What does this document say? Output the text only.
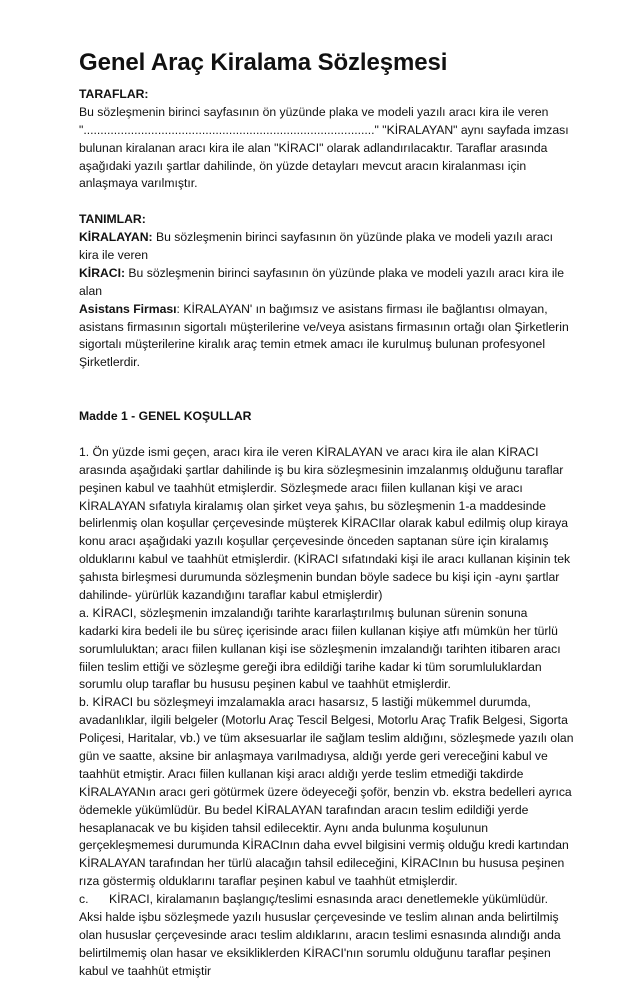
Genel Araç Kiralama Sözleşmesi
TARAFLAR:
Bu sözleşmenin birinci sayfasının ön yüzünde plaka ve modeli yazılı aracı kira ile veren
"......................................................................................" "KİRALAYAN" aynı sayfada imzası
bulunan kiralanan aracı kira ile alan "KİRACI" olarak adlandırılacaktır. Taraflar arasında
aşağıdaki yazılı şartlar dahilinde, ön yüzde detayları mevcut aracın kiralanması için
anlaşmaya varılmıştır.
TANIMLAR:
KİRALAYAN: Bu sözleşmenin birinci sayfasının ön yüzünde plaka ve modeli yazılı aracı
kira ile veren
KİRACI: Bu sözleşmenin birinci sayfasının ön yüzünde plaka ve modeli yazılı aracı kira ile
alan
Asistans Firması: KİRALAYAN' ın bağımsız ve asistans firması ile bağlantısı olmayan,
asistans firmasının sigortalı müşterilerine ve/veya asistans firmasının ortağı olan Şirketlerin
sigortalı müşterilerine kiralık araç temin etmek amacı ile kurulmuş bulunan profesyonel
Şirketlerdir.
Madde 1 - GENEL KOŞULLAR
1. Ön yüzde ismi geçen, aracı kira ile veren KİRALAYAN ve aracı kira ile alan KİRACI
arasında aşağıdaki şartlar dahilinde iş bu kira sözleşmesinin imzalanmış olduğunu taraflar
peşinen kabul ve taahhüt etmişlerdir. Sözleşmede aracı fiilen kullanan kişi ve aracı
KİRALAYAN sıfatıyla kiralamış olan şirket veya şahıs, bu sözleşmenin 1-a maddesinde
belirlenmiş olan koşullar çerçevesinde müşterek KİRACIlar olarak kabul edilmiş olup kiraya
konu aracı aşağıdaki yazılı koşullar çerçevesinde önceden saptanan süre için kiralamış
olduklarını kabul ve taahhüt etmişlerdir. (KİRACI sıfatındaki kişi ile aracı kullanan kişinin tek
şahısta birleşmesi durumunda sözleşmenin bundan böyle sadece bu kişi için -aynı şartlar
dahilinde- yürürlük kazandığını taraflar kabul etmişlerdir)
a. KİRACI, sözleşmenin imzalandığı tarihte kararlaştırılmış bulunan sürenin sonuna
kadarki kira bedeli ile bu süreç içerisinde aracı fiilen kullanan kişiye atfı mümkün her türlü
sorumluluktan; aracı fiilen kullanan kişi ise sözleşmenin imzalandığı tarihten itibaren aracı
fiilen teslim ettiği ve sözleşme gereği ibra edildiği tarihe kadar ki tüm sorumluluklardan
sorumlu olup taraflar bu hususu peşinen kabul ve taahhüt etmişlerdir.
b. KİRACI bu sözleşmeyi imzalamakla aracı hasarsız, 5 lastiği mükemmel durumda,
avadanlıklar, ilgili belgeler (Motorlu Araç Tescil Belgesi, Motorlu Araç Trafik Belgesi, Sigorta
Poliçesi, Haritalar, vb.) ve tüm aksesuarlar ile sağlam teslim aldığını, sözleşmede yazılı olan
gün ve saatte, aksine bir anlaşmaya varılmadıysa, aldığı yerde geri vereceğini kabul ve
taahhüt etmiştir. Aracı fiilen kullanan kişi aracı aldığı yerde teslim etmediği takdirde
KİRALAYANın aracı geri götürmek üzere ödeyeceği şoför, benzin vb. ekstra bedelleri ayrıca
ödemekle yükümlüdür. Bu bedel KİRALAYAN tarafından aracın teslim edildiği yerde
hesaplanacak ve bu kişiden tahsil edilecektir. Aynı anda bulunma koşulunun
gerçekleşmemesi durumunda KİRACInın daha evvel bilgisini vermiş olduğu kredi kartından
KİRALAYAN tarafından her türlü alacağın tahsil edileceğini, KİRACInın bu hususa peşinen
rıza göstermiş olduklarını taraflar peşinen kabul ve taahhüt etmişlerdir.
c. KİRACI, kiralamanın başlangıç/teslimi esnasında aracı denetlemekle yükümlüdür.
Aksi halde işbu sözleşmede yazılı hususlar çerçevesinde ve teslim alınan anda belirtilmiş
olan hususlar çerçevesinde aracı teslim aldıklarını, aracın teslimi esnasında alındığı anda
belirtilmemiş olan hasar ve eksikliklerden KİRACI'nın sorumlu olduğunu taraflar peşinen
kabul ve taahhüt etmiştir
